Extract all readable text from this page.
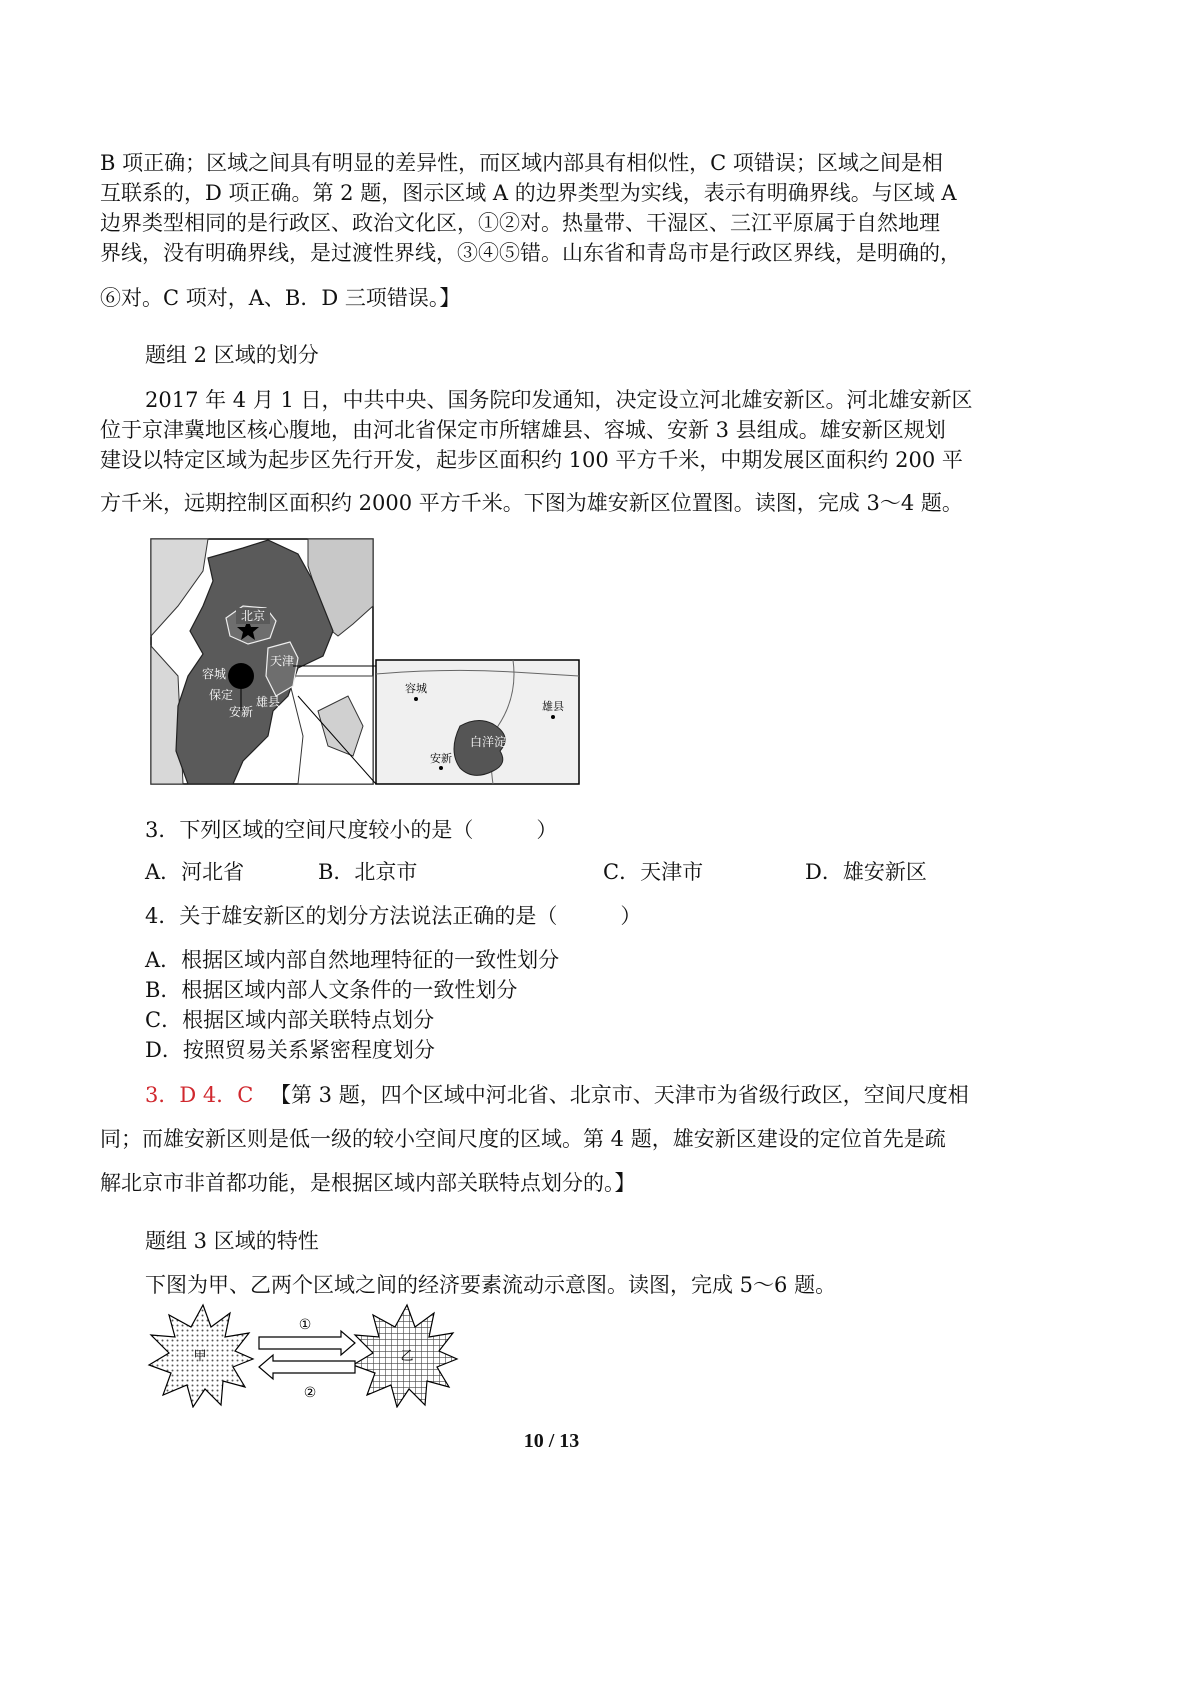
B 项正确；区域之间具有明显的差异性，而区域内部具有相似性，C 项错误；区域之间是相
互联系的，D 项正确。第 2 题，图示区域 A 的边界类型为实线，表示有明确界线。与区域 A
边界类型相同的是行政区、政治文化区，①②对。热量带、干湿区、三江平原属于自然地理
界线，没有明确界线，是过渡性界线，③④⑤错。山东省和青岛市是行政区界线，是明确的，
⑥对。C 项对，A、B．D 三项错误。】
题组 2 区域的划分
2017 年 4 月 1 日，中共中央、国务院印发通知，决定设立河北雄安新区。河北雄安新区
位于京津冀地区核心腹地，由河北省保定市所辖雄县、容城、安新 3 县组成。雄安新区规划
建设以特定区域为起步区先行开发，起步区面积约 100 平方千米，中期发展区面积约 200 平
方千米，远期控制区面积约 2000 平方千米。下图为雄安新区位置图。读图，完成 3～4 题。
北京
天津
容城
保定
安新
雄县
容城
雄县
白洋淀
安新
3．下列区域的空间尺度较小的是（　　　）
A．河北省	B．北京市	C．天津市	D．雄安新区
4．关于雄安新区的划分方法说法正确的是（　　　）
A．根据区域内部自然地理特征的一致性划分
B．根据区域内部人文条件的一致性划分
C．根据区域内部关联特点划分
D．按照贸易关系紧密程度划分
3．D 4．C 【第 3 题，四个区域中河北省、北京市、天津市为省级行政区，空间尺度相
同；而雄安新区则是低一级的较小空间尺度的区域。第 4 题，雄安新区建设的定位首先是疏
解北京市非首都功能，是根据区域内部关联特点划分的。】
题组 3 区域的特性
下图为甲、乙两个区域之间的经济要素流动示意图。读图，完成 5～6 题。
甲	乙
①
②
10 / 13
